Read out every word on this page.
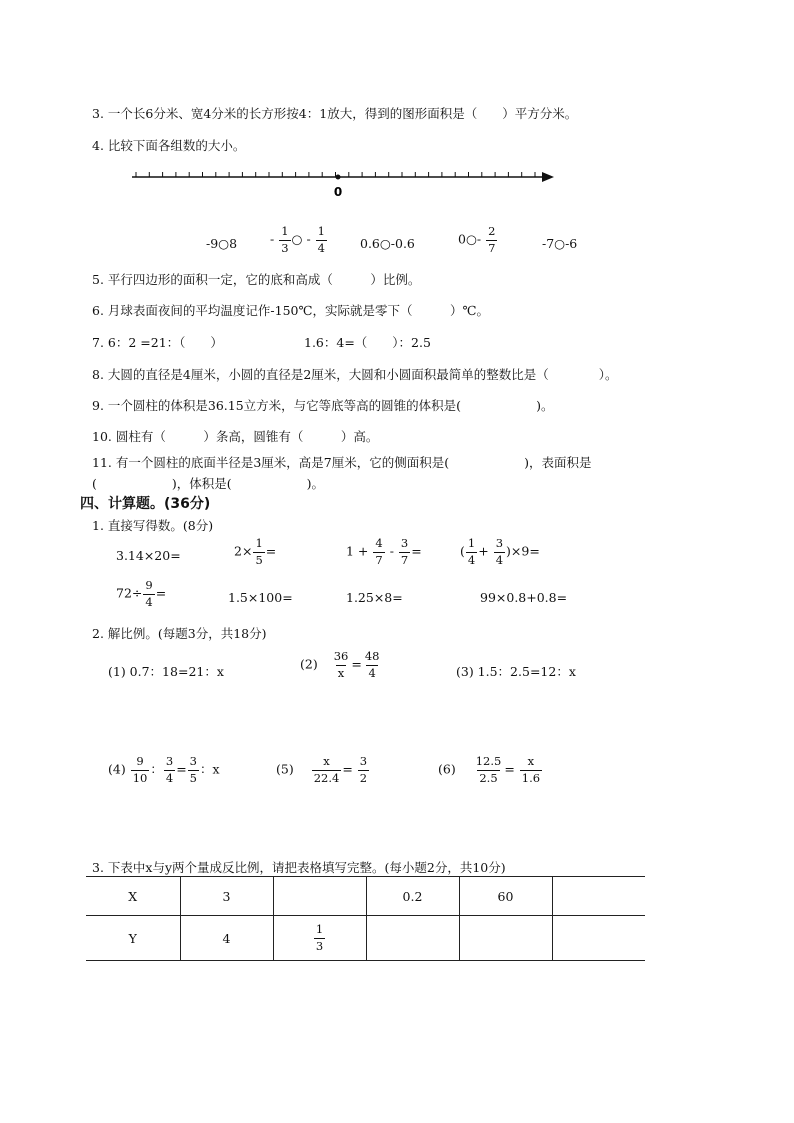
3. 一个长6分米、宽4分米的长方形按4：1放大，得到的图形面积是（　　）平方分米。
4. 比较下面各组数的大小。
0
-9○8	- $\frac{1}{3}$ ○ - $\frac{1}{4}$	0.6○-0.6	0○- $\frac{2}{7}$	-7○-6
5. 平行四边形的面积一定，它的底和高成（　　　）比例。
6. 月球表面夜间的平均温度记作-150℃，实际就是零下（　　　）℃。
7. 6：2 =21：（　　）	1.6：4=（　　）：2.5
8. 大圆的直径是4厘米，小圆的直径是2厘米，大圆和小圆面积最简单的整数比是（　　　　）。
9. 一个圆柱的体积是36.15立方米，与它等底等高的圆锥的体积是(　　　　　　)。
10. 圆柱有（　　　）条高，圆锥有（　　　）高。
11. 有一个圆柱的底面半径是3厘米，高是7厘米，它的侧面积是(　　　　　　)，表面积是
(　　　　　　)，体积是(　　　　　　)。
四、计算题。(36分)
1. 直接写得数。(8分)
3.14×20=	$2\times \frac{1}{5}$ =	$1 + \frac{4}{7} - \frac{3}{7}$ =	( $\frac{1}{4} + \frac{3}{4} )\times 9=$
$72\div \frac{9}{4}$ =	1.5×100=	1.25×8=	99×0.8+0.8=
2. 解比例。(每题3分，共18分)
(1) 0.7：18=21：x	$(2) \frac{36}{x} = \frac{48}{4}$	(3) 1.5：2.5=12：x
$(4) \frac{9}{10}$ ： $\frac{3}{4} = \frac{3}{5}$ ：x	$(5) \frac{x}{22.4} = \frac{3}{2}$	$(6) \frac{12.5}{2.5} = \frac{x}{1.6}$
3. 下表中x与y两个量成反比例，请把表格填写完整。(每小题2分，共10分)
X	3		0.2	60	
Y	4	$\frac{1}{3}$
